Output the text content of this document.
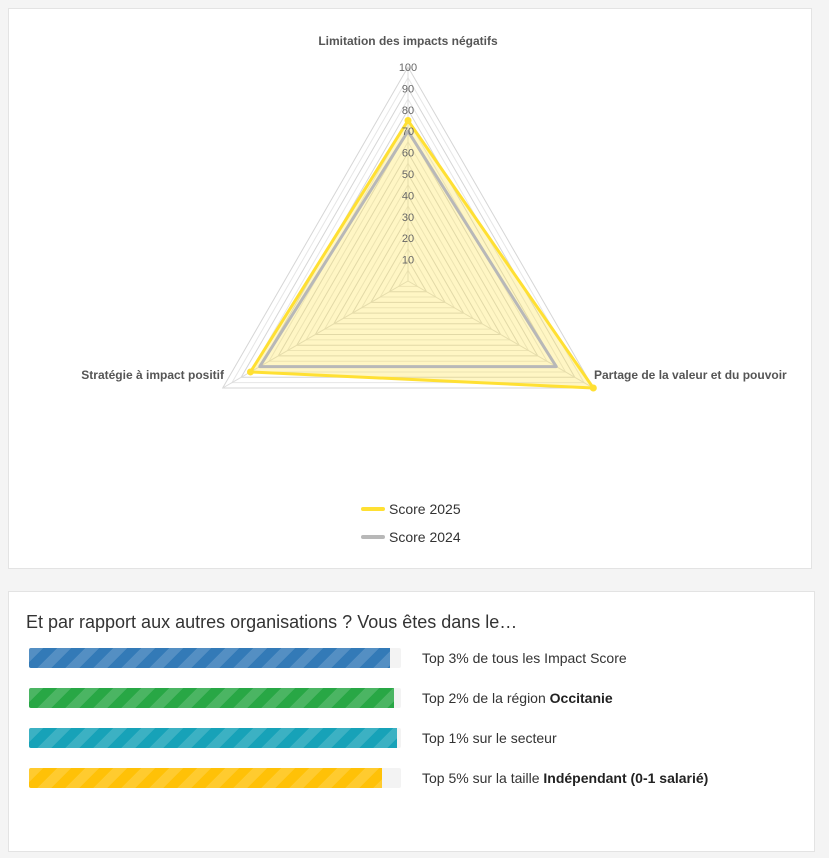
10
20
30
40
50
60
70
80
90
100
Limitation des impacts négatifs
Partage de la valeur et du pouvoir
Stratégie à impact positif
Score 2025
Score 2024
Et par rapport aux autres organisations ? Vous êtes dans le…
Top 3% de tous les Impact Score
Top 2% de la région Occitanie
Top 1% sur le secteur
Top 5% sur la taille Indépendant (0-1 salarié)
